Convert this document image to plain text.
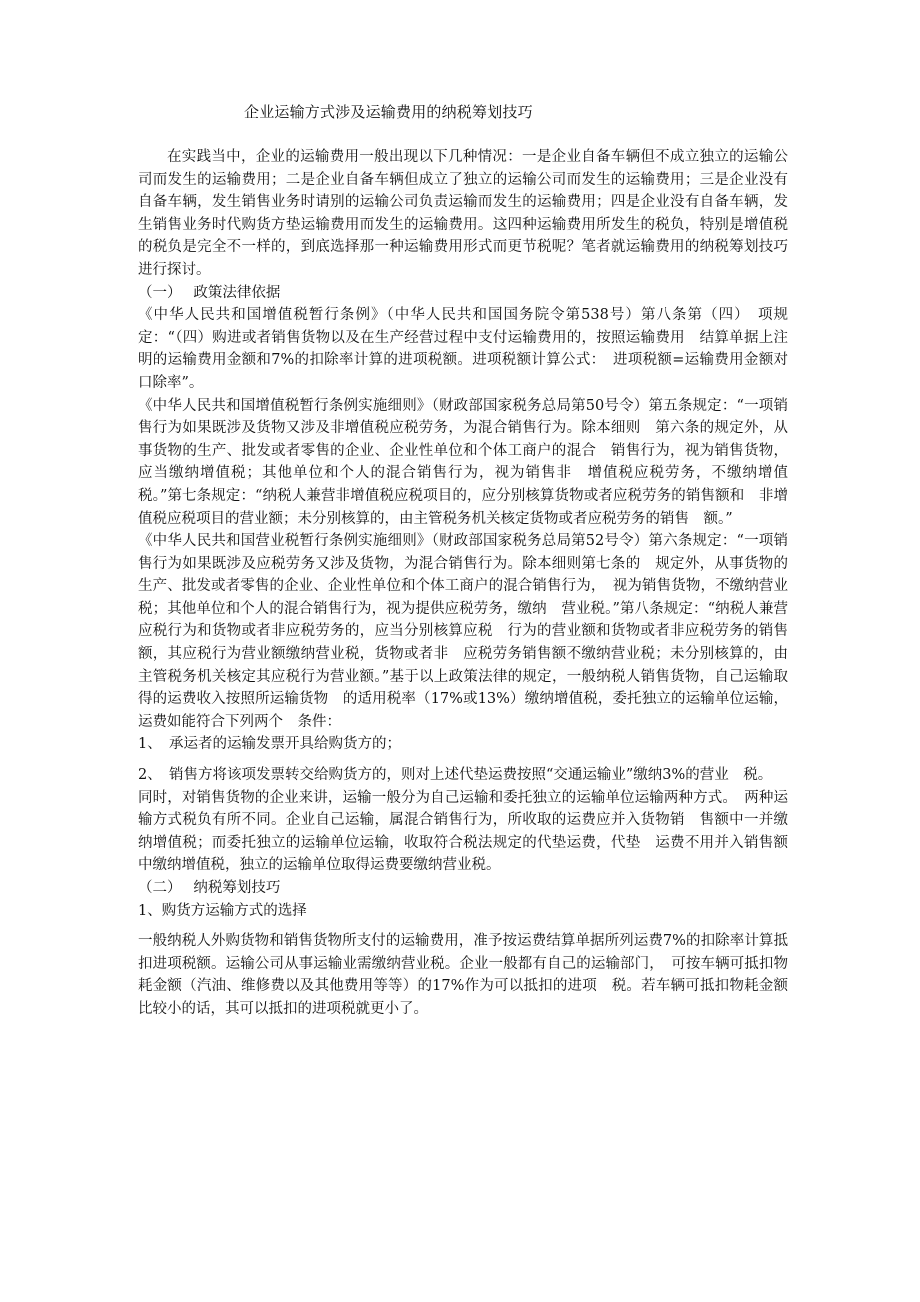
企业运输方式涉及运输费用的纳税筹划技巧

在实践当中，企业的运输费用一般出现以下几种情况：一是企业自备车辆但不成立独立的运输公司而发生的运输费用；二是企业自备车辆但成立了独立的运输公司而发生的运输费用；三是企业没有自备车辆，发生销售业务时请别的运输公司负责运输而发生的运输费用；四是企业没有自备车辆，发生销售业务时代购货方垫运输费用而发生的运输费用。这四种运输费用所发生的税负，特别是增值税的税负是完全不一样的，到底选择那一种运输费用形式而更节税呢？笔者就运输费用的纳税筹划技巧进行探讨。

（一）　 政策法律依据

《中华人民共和国增值税暂行条例》（中华人民共和国国务院令第538号）第八条第（四）　项规定：“（四）购进或者销售货物以及在生产经营过程中支付运输费用的，按照运输费用　结算单据上注明的运输费用金额和7%的扣除率计算的进项税额。进项税额计算公式：　进项税额=运输费用金额对口除率”。

《中华人民共和国增值税暂行条例实施细则》（财政部国家税务总局第50号令）第五条规定：“一项销售行为如果既涉及货物又涉及非增值税应税劳务，为混合销售行为。除本细则　第六条的规定外，从事货物的生产、批发或者零售的企业、企业性单位和个体工商户的混合　销售行为，视为销售货物，应当缴纳增值税；其他单位和个人的混合销售行为，视为销售非　增值税应税劳务，不缴纳增值税。”第七条规定：“纳税人兼营非增值税应税项目的，应分别核算货物或者应税劳务的销售额和　非增值税应税项目的营业额；未分别核算的，由主管税务机关核定货物或者应税劳务的销售　额。”

《中华人民共和国营业税暂行条例实施细则》（财政部国家税务总局第52号令）第六条规定：“一项销售行为如果既涉及应税劳务又涉及货物，为混合销售行为。除本细则第七条的　规定外，从事货物的生产、批发或者零售的企业、企业性单位和个体工商户的混合销售行为，　视为销售货物，不缴纳营业税；其他单位和个人的混合销售行为，视为提供应税劳务，缴纳　营业税。”第八条规定：“纳税人兼营应税行为和货物或者非应税劳务的，应当分别核算应税　行为的营业额和货物或者非应税劳务的销售额，其应税行为营业额缴纳营业税，货物或者非　应税劳务销售额不缴纳营业税；未分别核算的，由主管税务机关核定其应税行为营业额。”基于以上政策法律的规定，一般纳税人销售货物，自己运输取得的运费收入按照所运输货物　的适用税率（17%或13%）缴纳增值税，委托独立的运输单位运输，运费如能符合下列两个　条件：

1、　承运者的运输发票开具给购货方的；

2、　销售方将该项发票转交给购货方的，则对上述代垫运费按照“交通运输业”缴纳3%的营业　税。

同时，对销售货物的企业来讲，运输一般分为自己运输和委托独立的运输单位运输两种方式。　两种运输方式税负有所不同。企业自己运输，属混合销售行为，所收取的运费应并入货物销　售额中一并缴纳增值税；而委托独立的运输单位运输，收取符合税法规定的代垫运费，代垫　运费不用并入销售额中缴纳增值税，独立的运输单位取得运费要缴纳营业税。

（二）　 纳税筹划技巧

1、购货方运输方式的选择

一般纳税人外购货物和销售货物所支付的运输费用，准予按运费结算单据所列运费7%的扣除率计算抵扣进项税额。运输公司从事运输业需缴纳营业税。企业一般都有自己的运输部门，　可按车辆可抵扣物耗金额（汽油、维修费以及其他费用等等）的17%作为可以抵扣的进项　税。若车辆可抵扣物耗金额比较小的话，其可以抵扣的进项税就更小了。
